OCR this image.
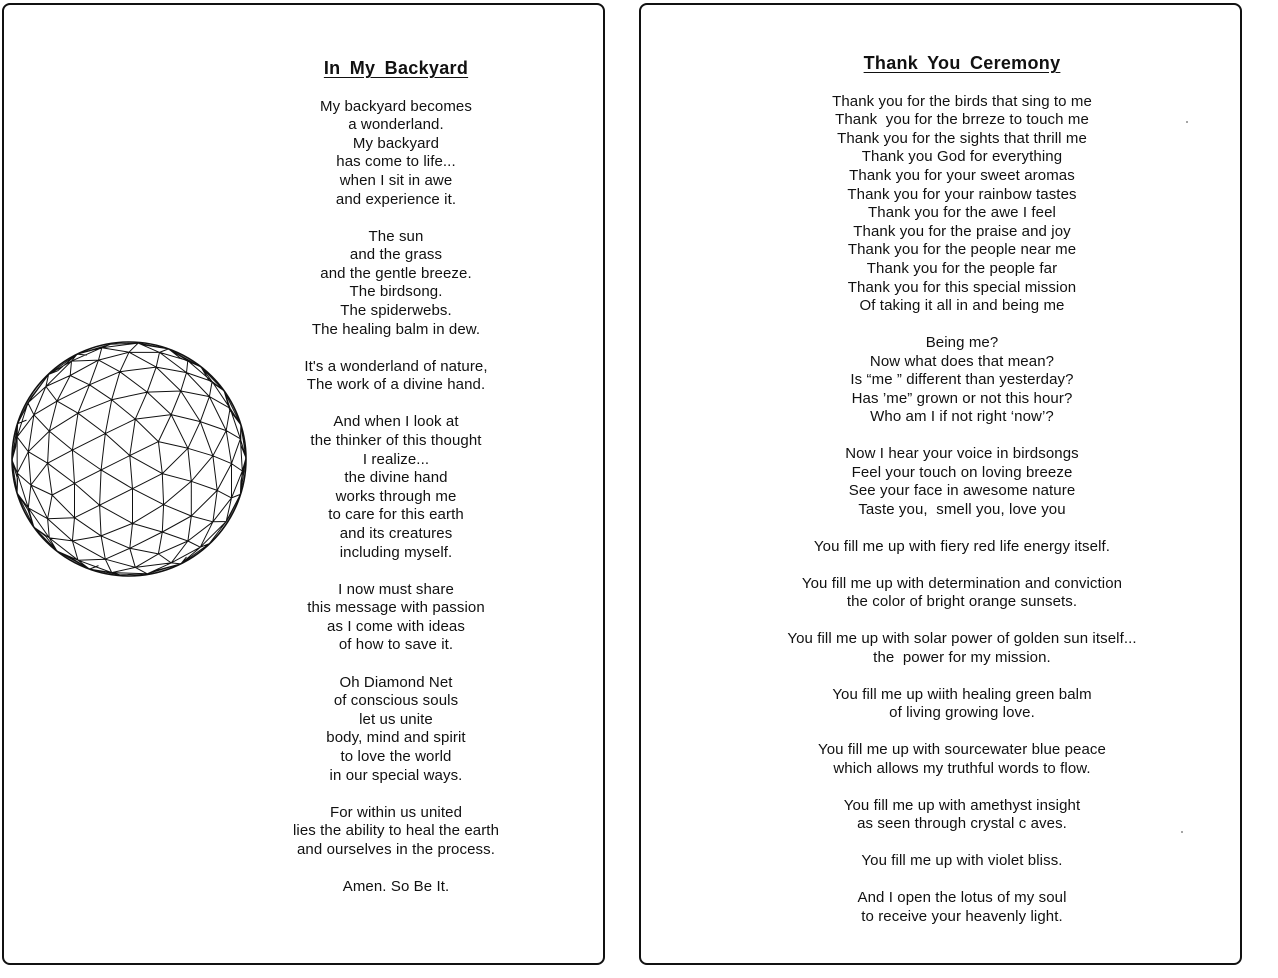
In My Backyard
My backyard becomes
a wonderland.
My backyard
has come to life...
when I sit in awe
and experience it.
The sun
and the grass
and the gentle breeze.
The birdsong.
The spiderwebs.
The healing balm in dew.
It's a wonderland of nature,
The work of a divine hand.
And when I look at
the thinker of this thought
I realize...
the divine hand
works through me
to care for this earth
and its creatures
including myself.
I now must share
this message with passion
as I come with ideas
of how to save it.
Oh Diamond Net
of conscious souls
let us unite
body, mind and spirit
to love the world
in our special ways.
For within us united
lies the ability to heal the earth
and ourselves in the process.
Amen. So Be It.
Thank You Ceremony
Thank you for the birds that sing to me
Thank  you for the brreze to touch me
Thank you for the sights that thrill me
Thank you God for everything
Thank you for your sweet aromas
Thank you for your rainbow tastes
Thank you for the awe I feel
Thank you for the praise and joy
Thank you for the people near me
Thank you for the people far
Thank you for this special mission
Of taking it all in and being me
Being me?
Now what does that mean?
Is “me ” different than yesterday?
Has ’me” grown or not this hour?
Who am I if not right ‘now’?
Now I hear your voice in birdsongs
Feel your touch on loving breeze
See your face in awesome nature
Taste you,  smell you, love you
You fill me up with fiery red life energy itself.
You fill me up with determination and conviction
the color of bright orange sunsets.
You fill me up with solar power of golden sun itself...
the  power for my mission.
You fill me up wiith healing green balm
of living growing love.
You fill me up with sourcewater blue peace
which allows my truthful words to flow.
You fill me up with amethyst insight
as seen through crystal c aves.
You fill me up with violet bliss.
And I open the lotus of my soul
to receive your heavenly light.
